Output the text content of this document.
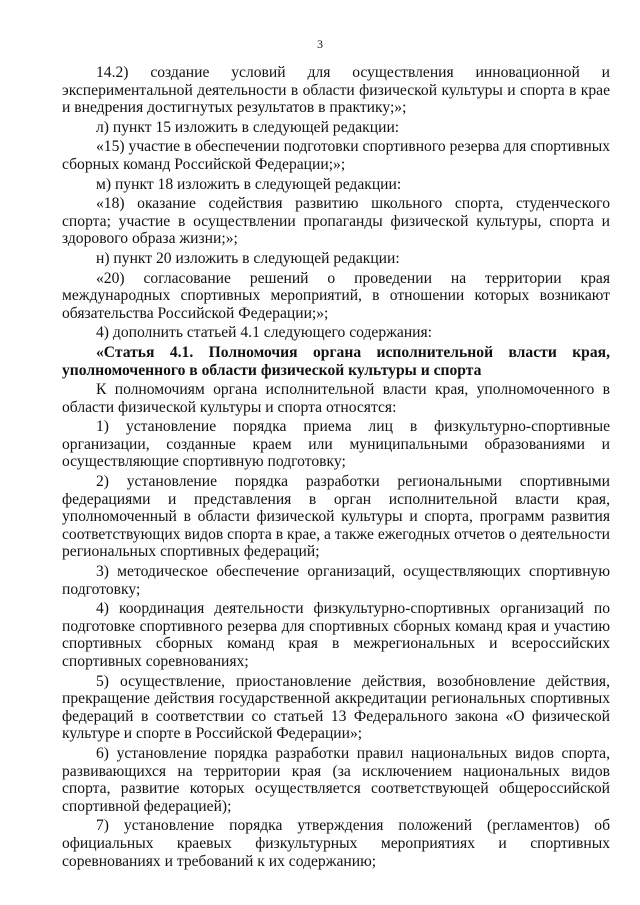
3

14.2) создание условий для осуществления инновационной и экспериментальной деятельности в области физической культуры и спорта в крае и внедрения достигнутых результатов в практику;»;

л) пункт 15 изложить в следующей редакции:

«15) участие в обеспечении подготовки спортивного резерва для спортивных сборных команд Российской Федерации;»;

м) пункт 18 изложить в следующей редакции:

«18) оказание содействия развитию школьного спорта, студенческого спорта; участие в осуществлении пропаганды физической культуры, спорта и здорового образа жизни;»;

н) пункт 20 изложить в следующей редакции:

«20) согласование решений о проведении на территории края международных спортивных мероприятий, в отношении которых возникают обязательства Российской Федерации;»;

4) дополнить статьей 4.1 следующего содержания:

«Статья 4.1. Полномочия органа исполнительной власти края, уполномоченного в области физической культуры и спорта

К полномочиям органа исполнительной власти края, уполномоченного в области физической культуры и спорта относятся:

1) установление порядка приема лиц в физкультурно-спортивные организации, созданные краем или муниципальными образованиями и осуществляющие спортивную подготовку;

2) установление порядка разработки региональными спортивными федерациями и представления в орган исполнительной власти края, уполномоченный в области физической культуры и спорта, программ развития соответствующих видов спорта в крае, а также ежегодных отчетов о деятельности региональных спортивных федераций;

3) методическое обеспечение организаций, осуществляющих спортивную подготовку;

4) координация деятельности физкультурно-спортивных организаций по подготовке спортивного резерва для спортивных сборных команд края и участию спортивных сборных команд края в межрегиональных и всероссийских спортивных соревнованиях;

5) осуществление, приостановление действия, возобновление действия, прекращение действия государственной аккредитации региональных спортивных федераций в соответствии со статьей 13 Федерального закона «О физической культуре и спорте в Российской Федерации»;

6) установление порядка разработки правил национальных видов спорта, развивающихся на территории края (за исключением национальных видов спорта, развитие которых осуществляется соответствующей общероссийской спортивной федерацией);

7) установление порядка утверждения положений (регламентов) об официальных краевых физкультурных мероприятиях и спортивных соревнованиях и требований к их содержанию;
